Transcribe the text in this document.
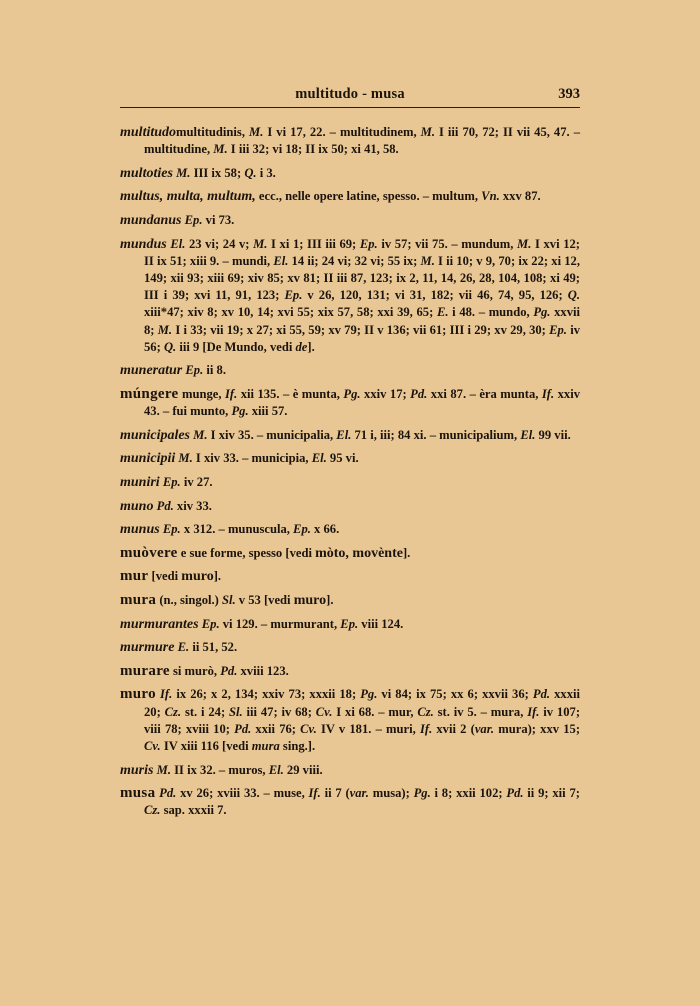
multitudo - musa	393

multitudomultitudinis, M. I vi 17, 22. – multitudinem, M. I iii 70, 72; II vii 45, 47. – multitudine, M. I iii 32; vi 18; II ix 50; xi 41, 58.

multoties M. III ix 58; Q. i 3.

multus, multa, multum, ecc., nelle opere latine, spesso. – multum, Vn. xxv 87.

mundanus Ep. vi 73.

mundus El. 23 vi; 24 v; M. I xi 1; III iii 69; Ep. iv 57; vii 75. – mundum, M. I xvi 12; II ix 51; xiii 9. – mundi, El. 14 ii; 24 vi; 32 vi; 55 ix; M. I ii 10; v 9, 70; ix 22; xi 12, 149; xii 93; xiii 69; xiv 85; xv 81; II iii 87, 123; ix 2, 11, 14, 26, 28, 104, 108; xi 49; III i 39; xvi 11, 91, 123; Ep. v 26, 120, 131; vi 31, 182; vii 46, 74, 95, 126; Q. xiii*47; xiv 8; xv 10, 14; xvi 55; xix 57, 58; xxi 39, 65; E. i 48. – mundo, Pg. xxvii 8; M. I i 33; vii 19; x 27; xi 55, 59; xv 79; II v 136; vii 61; III i 29; xv 29, 30; Ep. iv 56; Q. iii 9 [De Mundo, vedi de].

muneratur Ep. ii 8.

múngere munge, If. xii 135. – è munta, Pg. xxiv 17; Pd. xxi 87. – èra munta, If. xxiv 43. – fui munto, Pg. xiii 57.

municipales M. I xiv 35. – municipalia, El. 71 i, iii; 84 xi. – municipalium, El. 99 vii.

municipii M. I xiv 33. – municipia, El. 95 vi.

muniri Ep. iv 27.

muno Pd. xiv 33.

munus Ep. x 312. – munuscula, Ep. x 66.

muòvere e sue forme, spesso [vedi mòto, movènte].

mur [vedi muro].

mura (n., singol.) Sl. v 53 [vedi muro].

murmurantes Ep. vi 129. – murmurant, Ep. viii 124.

murmure E. ii 51, 52.

murare si murò, Pd. xviii 123.

muro If. ix 26; x 2, 134; xxiv 73; xxxii 18; Pg. vi 84; ix 75; xx 6; xxvii 36; Pd. xxxii 20; Cz. st. i 24; Sl. iii 47; iv 68; Cv. I xi 68. – mur, Cz. st. iv 5. – mura, If. iv 107; viii 78; xviii 10; Pd. xxii 76; Cv. IV v 181. – muri, If. xvii 2 (var. mura); xxv 15; Cv. IV xiii 116 [vedi mura sing.].

muris M. II ix 32. – muros, El. 29 viii.

musa Pd. xv 26; xviii 33. – muse, If. ii 7 (var. musa); Pg. i 8; xxii 102; Pd. ii 9; xii 7; Cz. sap. xxxii 7.
